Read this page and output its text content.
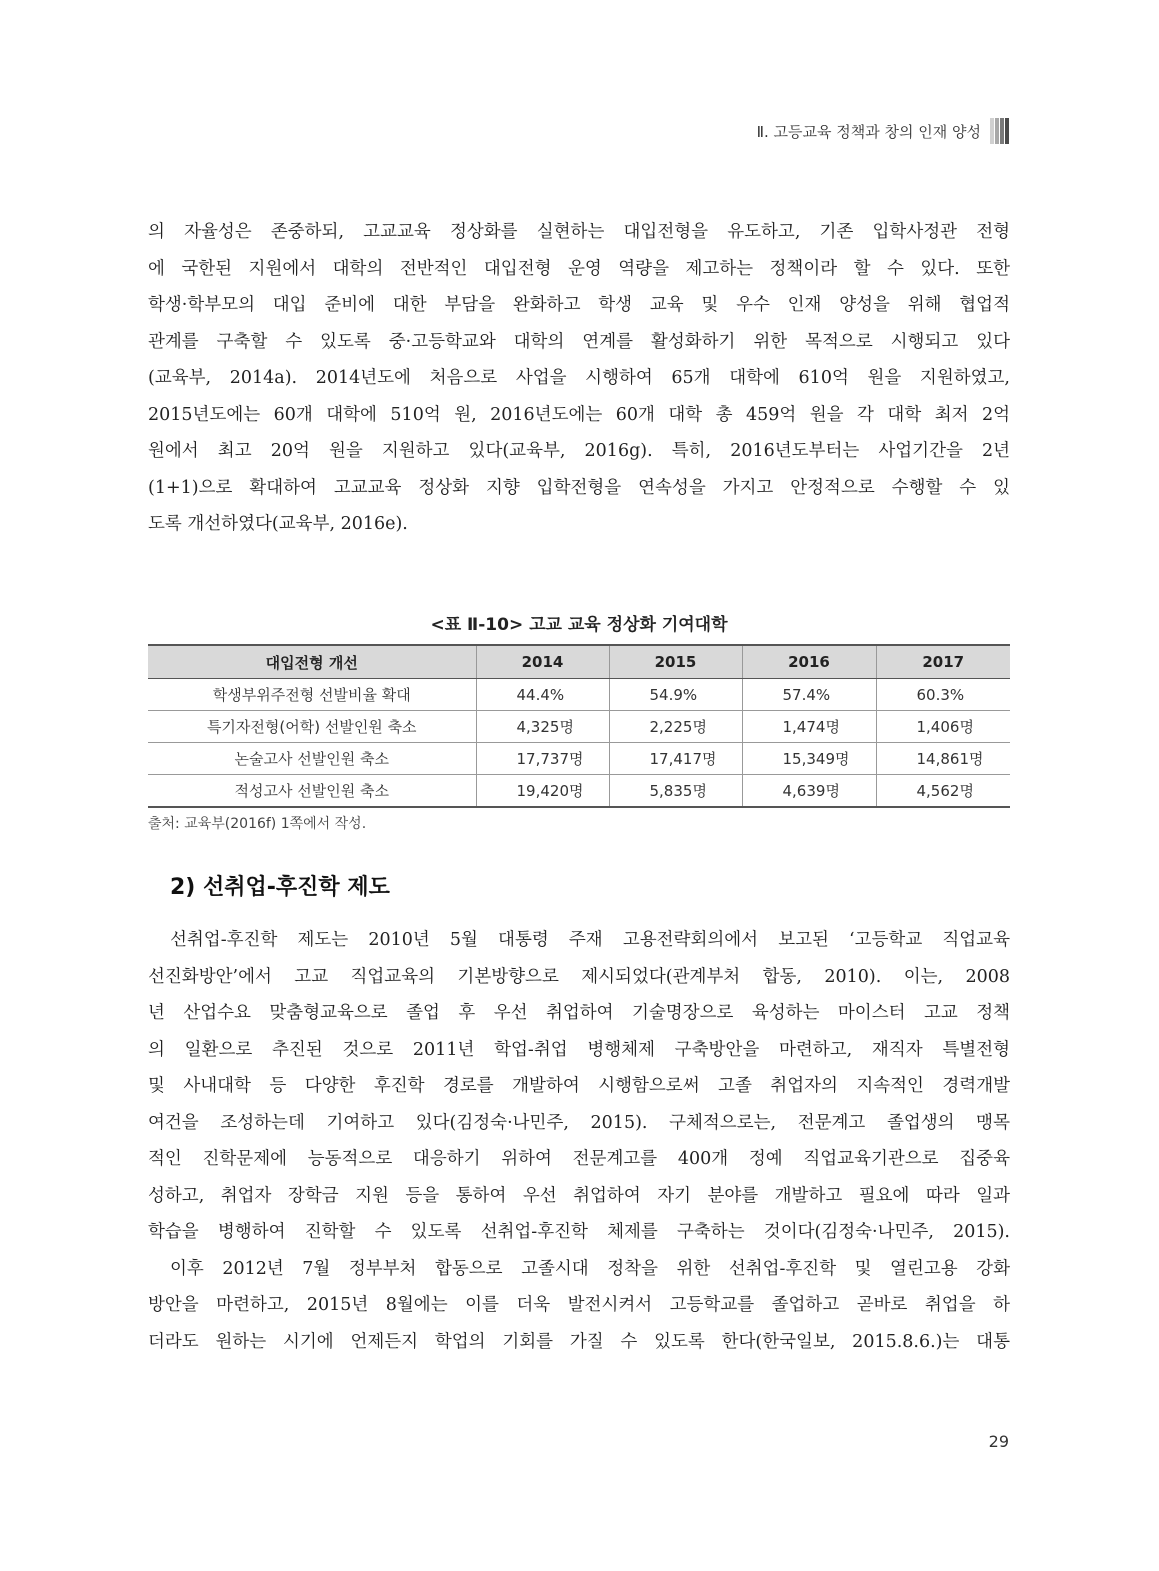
Ⅱ. 고등교육 정책과 창의 인재 양성

의 자율성은 존중하되, 고교교육 정상화를 실현하는 대입전형을 유도하고, 기존 입학사정관 전형

에 국한된 지원에서 대학의 전반적인 대입전형 운영 역량을 제고하는 정책이라 할 수 있다. 또한

학생·학부모의 대입 준비에 대한 부담을 완화하고 학생 교육 및 우수 인재 양성을 위해 협업적

관계를 구축할 수 있도록 중·고등학교와 대학의 연계를 활성화하기 위한 목적으로 시행되고 있다

(교육부, 2014a). 2014년도에 처음으로 사업을 시행하여 65개 대학에 610억 원을 지원하였고,

2015년도에는 60개 대학에 510억 원, 2016년도에는 60개 대학 총 459억 원을 각 대학 최저 2억

원에서 최고 20억 원을 지원하고 있다(교육부, 2016g). 특히, 2016년도부터는 사업기간을 2년

(1+1)으로 확대하여 고교교육 정상화 지향 입학전형을 연속성을 가지고 안정적으로 수행할 수 있

도록 개선하였다(교육부, 2016e).

<표 Ⅱ-10> 고교 교육 정상화 기여대학
대입전형 개선	2014	2015	2016	2017
학생부위주전형 선발비율 확대	44.4%	54.9%	57.4%	60.3%
특기자전형(어학) 선발인원 축소	4,325명	2,225명	1,474명	1,406명
논술고사 선발인원 축소	17,737명	17,417명	15,349명	14,861명
적성고사 선발인원 축소	19,420명	5,835명	4,639명	4,562명
출처: 교육부(2016f) 1쪽에서 작성.
2) 선취업-후진학 제도

선취업-후진학 제도는 2010년 5월 대통령 주재 고용전략회의에서 보고된 ‘고등학교 직업교육

선진화방안’에서 고교 직업교육의 기본방향으로 제시되었다(관계부처 합동, 2010). 이는, 2008

년 산업수요 맞춤형교육으로 졸업 후 우선 취업하여 기술명장으로 육성하는 마이스터 고교 정책

의 일환으로 추진된 것으로 2011년 학업-취업 병행체제 구축방안을 마련하고, 재직자 특별전형

및 사내대학 등 다양한 후진학 경로를 개발하여 시행함으로써 고졸 취업자의 지속적인 경력개발

여건을 조성하는데 기여하고 있다(김정숙·나민주, 2015). 구체적으로는, 전문계고 졸업생의 맹목

적인 진학문제에 능동적으로 대응하기 위하여 전문계고를 400개 정예 직업교육기관으로 집중육

성하고, 취업자 장학금 지원 등을 통하여 우선 취업하여 자기 분야를 개발하고 필요에 따라 일과

학습을 병행하여 진학할 수 있도록 선취업-후진학 체제를 구축하는 것이다(김정숙·나민주, 2015).

이후 2012년 7월 정부부처 합동으로 고졸시대 정착을 위한 선취업-후진학 및 열린고용 강화

방안을 마련하고, 2015년 8월에는 이를 더욱 발전시켜서 고등학교를 졸업하고 곧바로 취업을 하

더라도 원하는 시기에 언제든지 학업의 기회를 가질 수 있도록 한다(한국일보, 2015.8.6.)는 대통

29
